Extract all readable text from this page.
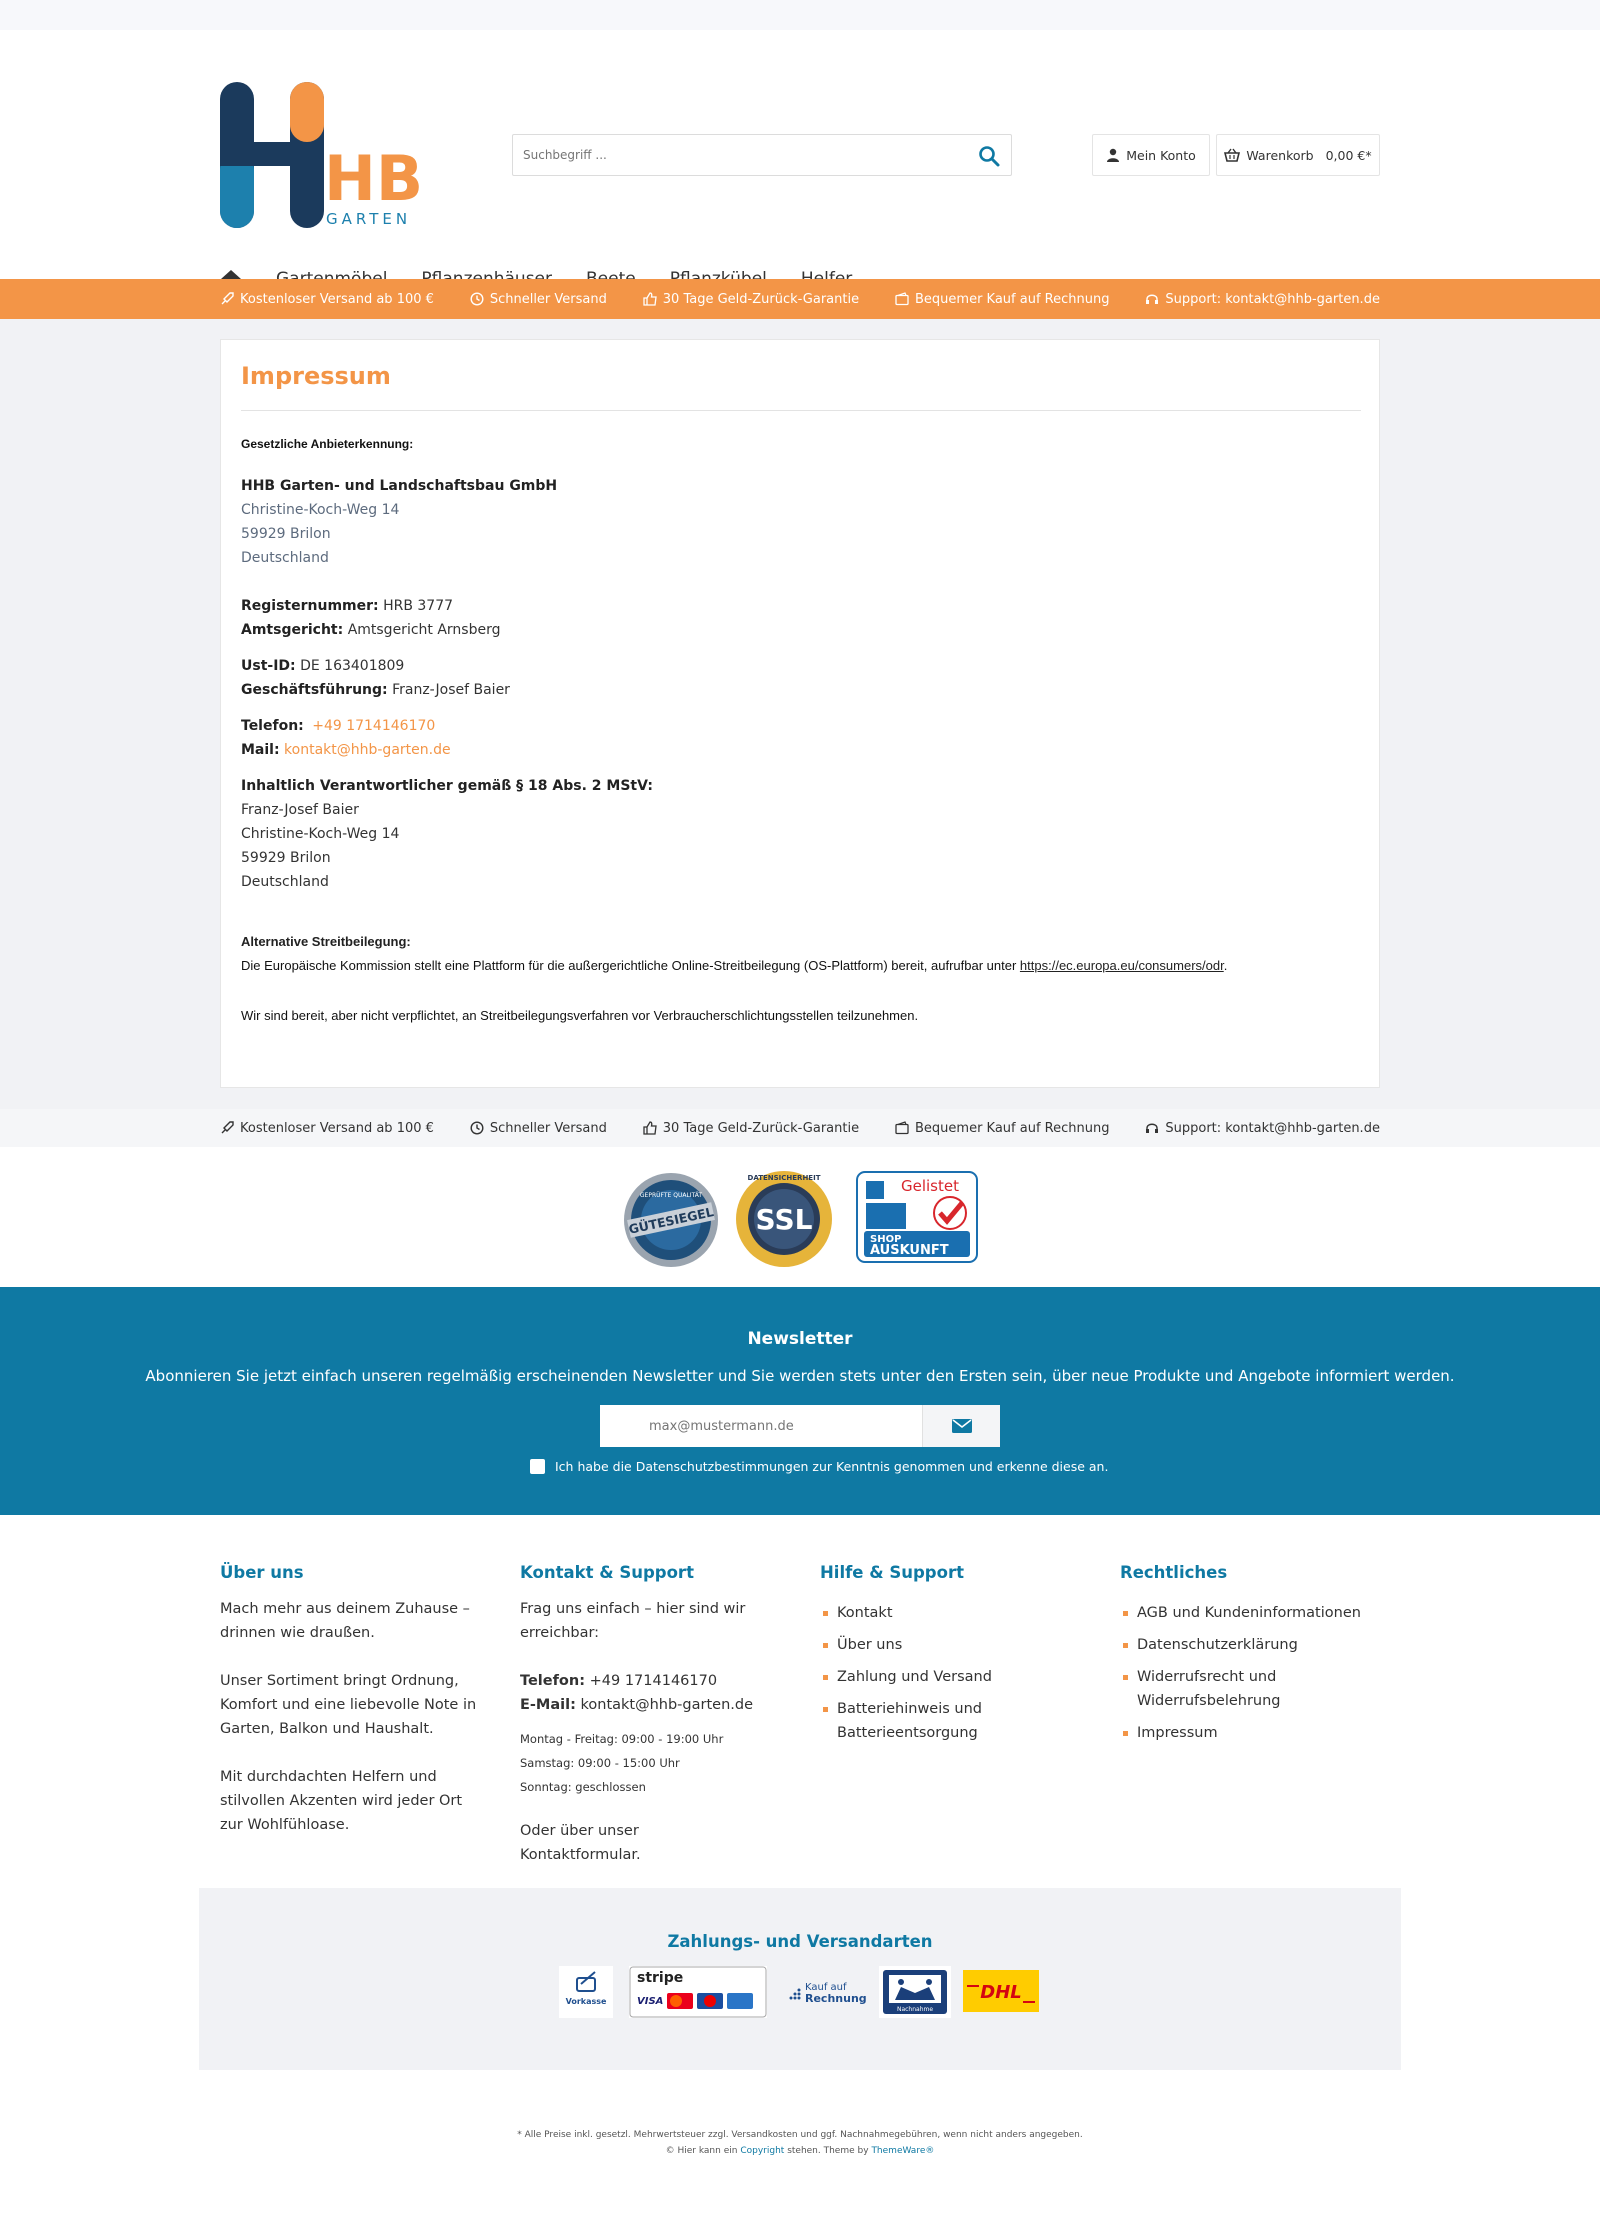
HB
GARTEN
Suchbegriff ...
Mein Konto	Warenkorb 0,00 €*
Kostenloser Versand ab 100 €	Schneller Versand	30 Tage Geld-Zurück-Garantie	Bequemer Kauf auf Rechnung	Support: kontakt@hhb-garten.de
Impressum
Gesetzliche Anbieterkennung:
HHB Garten- und Landschaftsbau GmbH
Christine-Koch-Weg 14
59929 Brilon
Deutschland
Registernummer: HRB 3777
Amtsgericht: Amtsgericht Arnsberg
Ust-ID: DE 163401809
Geschäftsführung: Franz-Josef Baier
Telefon: +49 1714146170
Mail: kontakt@hhb-garten.de
Inhaltlich Verantwortlicher gemäß § 18 Abs. 2 MStV:
Franz-Josef Baier
Christine-Koch-Weg 14
59929 Brilon
Deutschland
Alternative Streitbeilegung:
Die Europäische Kommission stellt eine Plattform für die außergerichtliche Online-Streitbeilegung (OS-Plattform) bereit, aufrufbar unter https://ec.europa.eu/consumers/odr.
Wir sind bereit, aber nicht verpflichtet, an Streitbeilegungsverfahren vor Verbraucherschlichtungsstellen teilzunehmen.
Kostenloser Versand ab 100 €	Schneller Versand	30 Tage Geld-Zurück-Garantie	Bequemer Kauf auf Rechnung	Support: kontakt@hhb-garten.de
GÜTESIEGEL
GEPRÜFTE QUALITÄT
SSL
DATENSICHERHEIT	Gelistet
SHOP
AUSKUNFT
Newsletter
Abonnieren Sie jetzt einfach unseren regelmäßig erscheinenden Newsletter und Sie werden stets unter den Ersten sein, über neue Produkte und Angebote informiert werden.
max@mustermann.de
Ich habe die Datenschutzbestimmungen zur Kenntnis genommen und erkenne diese an.
Über uns

Mach mehr aus deinem Zuhause – drinnen wie draußen.

Unser Sortiment bringt Ordnung, Komfort und eine liebevolle Note in Garten, Balkon und Haushalt.

Mit durchdachten Helfern und stilvollen Akzenten wird jeder Ort zur Wohlfühloase.

Kontakt & Support

Frag uns einfach – hier sind wir erreichbar:

Telefon: +49 1714146170
E-Mail: kontakt@hhb-garten.de
Montag - Freitag: 09:00 - 19:00 Uhr
Samstag: 09:00 - 15:00 Uhr
Sonntag: geschlossen
Oder über unser Kontaktformular.
Hilfe & Support
Kontakt
Über uns
Zahlung und Versand
Batteriehinweis und Batterieentsorgung
Rechtliches
AGB und Kundeninformationen
Datenschutzerklärung
Widerrufsrecht und Widerrufsbelehrung
Impressum
Zahlungs- und Versandarten
Vorkasse
stripe
VISA
Kauf auf
Rechnung
Nachnahme
DHL
* Alle Preise inkl. gesetzl. Mehrwertsteuer zzgl. Versandkosten und ggf. Nachnahmegebühren, wenn nicht anders angegeben.
© Hier kann ein Copyright stehen. Theme by ThemeWare®
